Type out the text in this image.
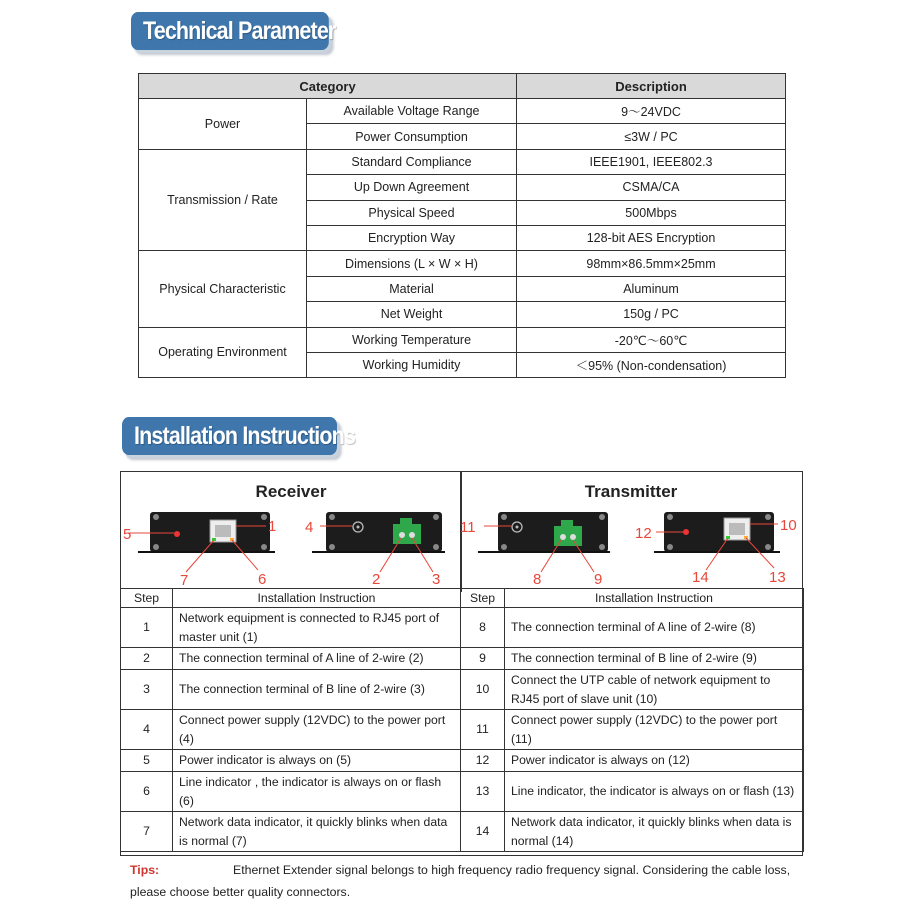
Technical Parameter
Category		Description
Power	Available Voltage Range	9～24VDC
	Power Consumption	≤3W / PC
Transmission / Rate	Standard Compliance	IEEE1901, IEEE802.3
	Up Down Agreement	CSMA/CA
	Physical Speed	500Mbps
	Encryption Way	128-bit AES Encryption
Physical Characteristic	Dimensions (L × W × H)	98mm×86.5mm×25mm
	Material	Aluminum
	Net Weight	150g / PC
Operating Environment	Working Temperature	-20℃～60℃
	Working Humidity	＜95% (Non-condensation)
Installation Instructions
Receiver	Transmitter
5	1
7	6
4
2	3
11
8	9
12	10
14	13
Step	Installation Instruction	Step	Installation Instruction
1	Network equipment is connected to RJ45 port of master unit (1)	8	The connection terminal of A line of 2-wire (8)
2	The connection terminal of A line of 2-wire (2)	9	The connection terminal of B line of 2-wire (9)
3	The connection terminal of B line of 2-wire (3)	10	Connect the UTP cable of network equipment to RJ45 port of slave unit (10)
4	Connect power supply (12VDC) to the power port (4)	11	Connect power supply (12VDC) to the power port (11)
5	Power indicator is always on (5)	12	Power indicator is always on (12)
6	Line indicator , the indicator is always on or flash (6)	13	Line indicator, the indicator is always on or flash (13)
7	Network data indicator, it quickly blinks when data is normal (7)	14	Network data indicator, it quickly blinks when data is normal (14)
Tips:	Ethernet Extender signal belongs to high frequency radio frequency signal. Considering the cable loss, please choose better quality connectors.
